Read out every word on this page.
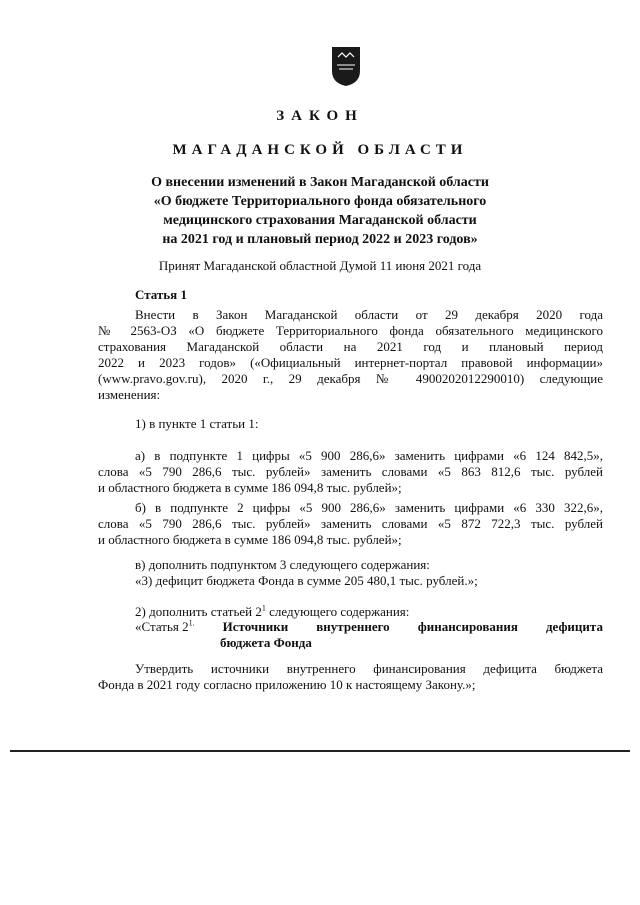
ЗАКОН
МАГАДАНСКОЙ ОБЛАСТИ
О внесении изменений в Закон Магаданской области
«О бюджете Территориального фонда обязательного
медицинского страхования Магаданской области
на 2021 год и плановый период 2022 и 2023 годов»
Принят Магаданской областной Думой 11 июня 2021 года
Статья 1
Внести в Закон Магаданской области от 29 декабря 2020 года
№ 2563-ОЗ «О бюджете Территориального фонда обязательного медицинского
страхования Магаданской области на 2021 год и плановый период
2022 и 2023 годов» («Официальный интернет-портал правовой информации»
(www.pravo.gov.ru), 2020 г., 29 декабря № 4900202012290010) следующие
изменения:
1) в пункте 1 статьи 1:
а) в подпункте 1 цифры «5 900 286,6» заменить цифрами «6 124 842,5»,
слова «5 790 286,6 тыс. рублей» заменить словами «5 863 812,6 тыс. рублей
и областного бюджета в сумме 186 094,8 тыс. рублей»;
б) в подпункте 2 цифры «5 900 286,6» заменить цифрами «6 330 322,6»,
слова «5 790 286,6 тыс. рублей» заменить словами «5 872 722,3 тыс. рублей
и областного бюджета в сумме 186 094,8 тыс. рублей»;
в) дополнить подпунктом 3 следующего содержания:
«3) дефицит бюджета Фонда в сумме 205 480,1 тыс. рублей.»;
2) дополнить статьей $2^1$ следующего содержания:
«Статья $2^{1.}$ Источники внутреннего финансирования дефицита
бюджета Фонда
Утвердить источники внутреннего финансирования дефицита бюджета
Фонда в 2021 году согласно приложению 10 к настоящему Закону.»;
